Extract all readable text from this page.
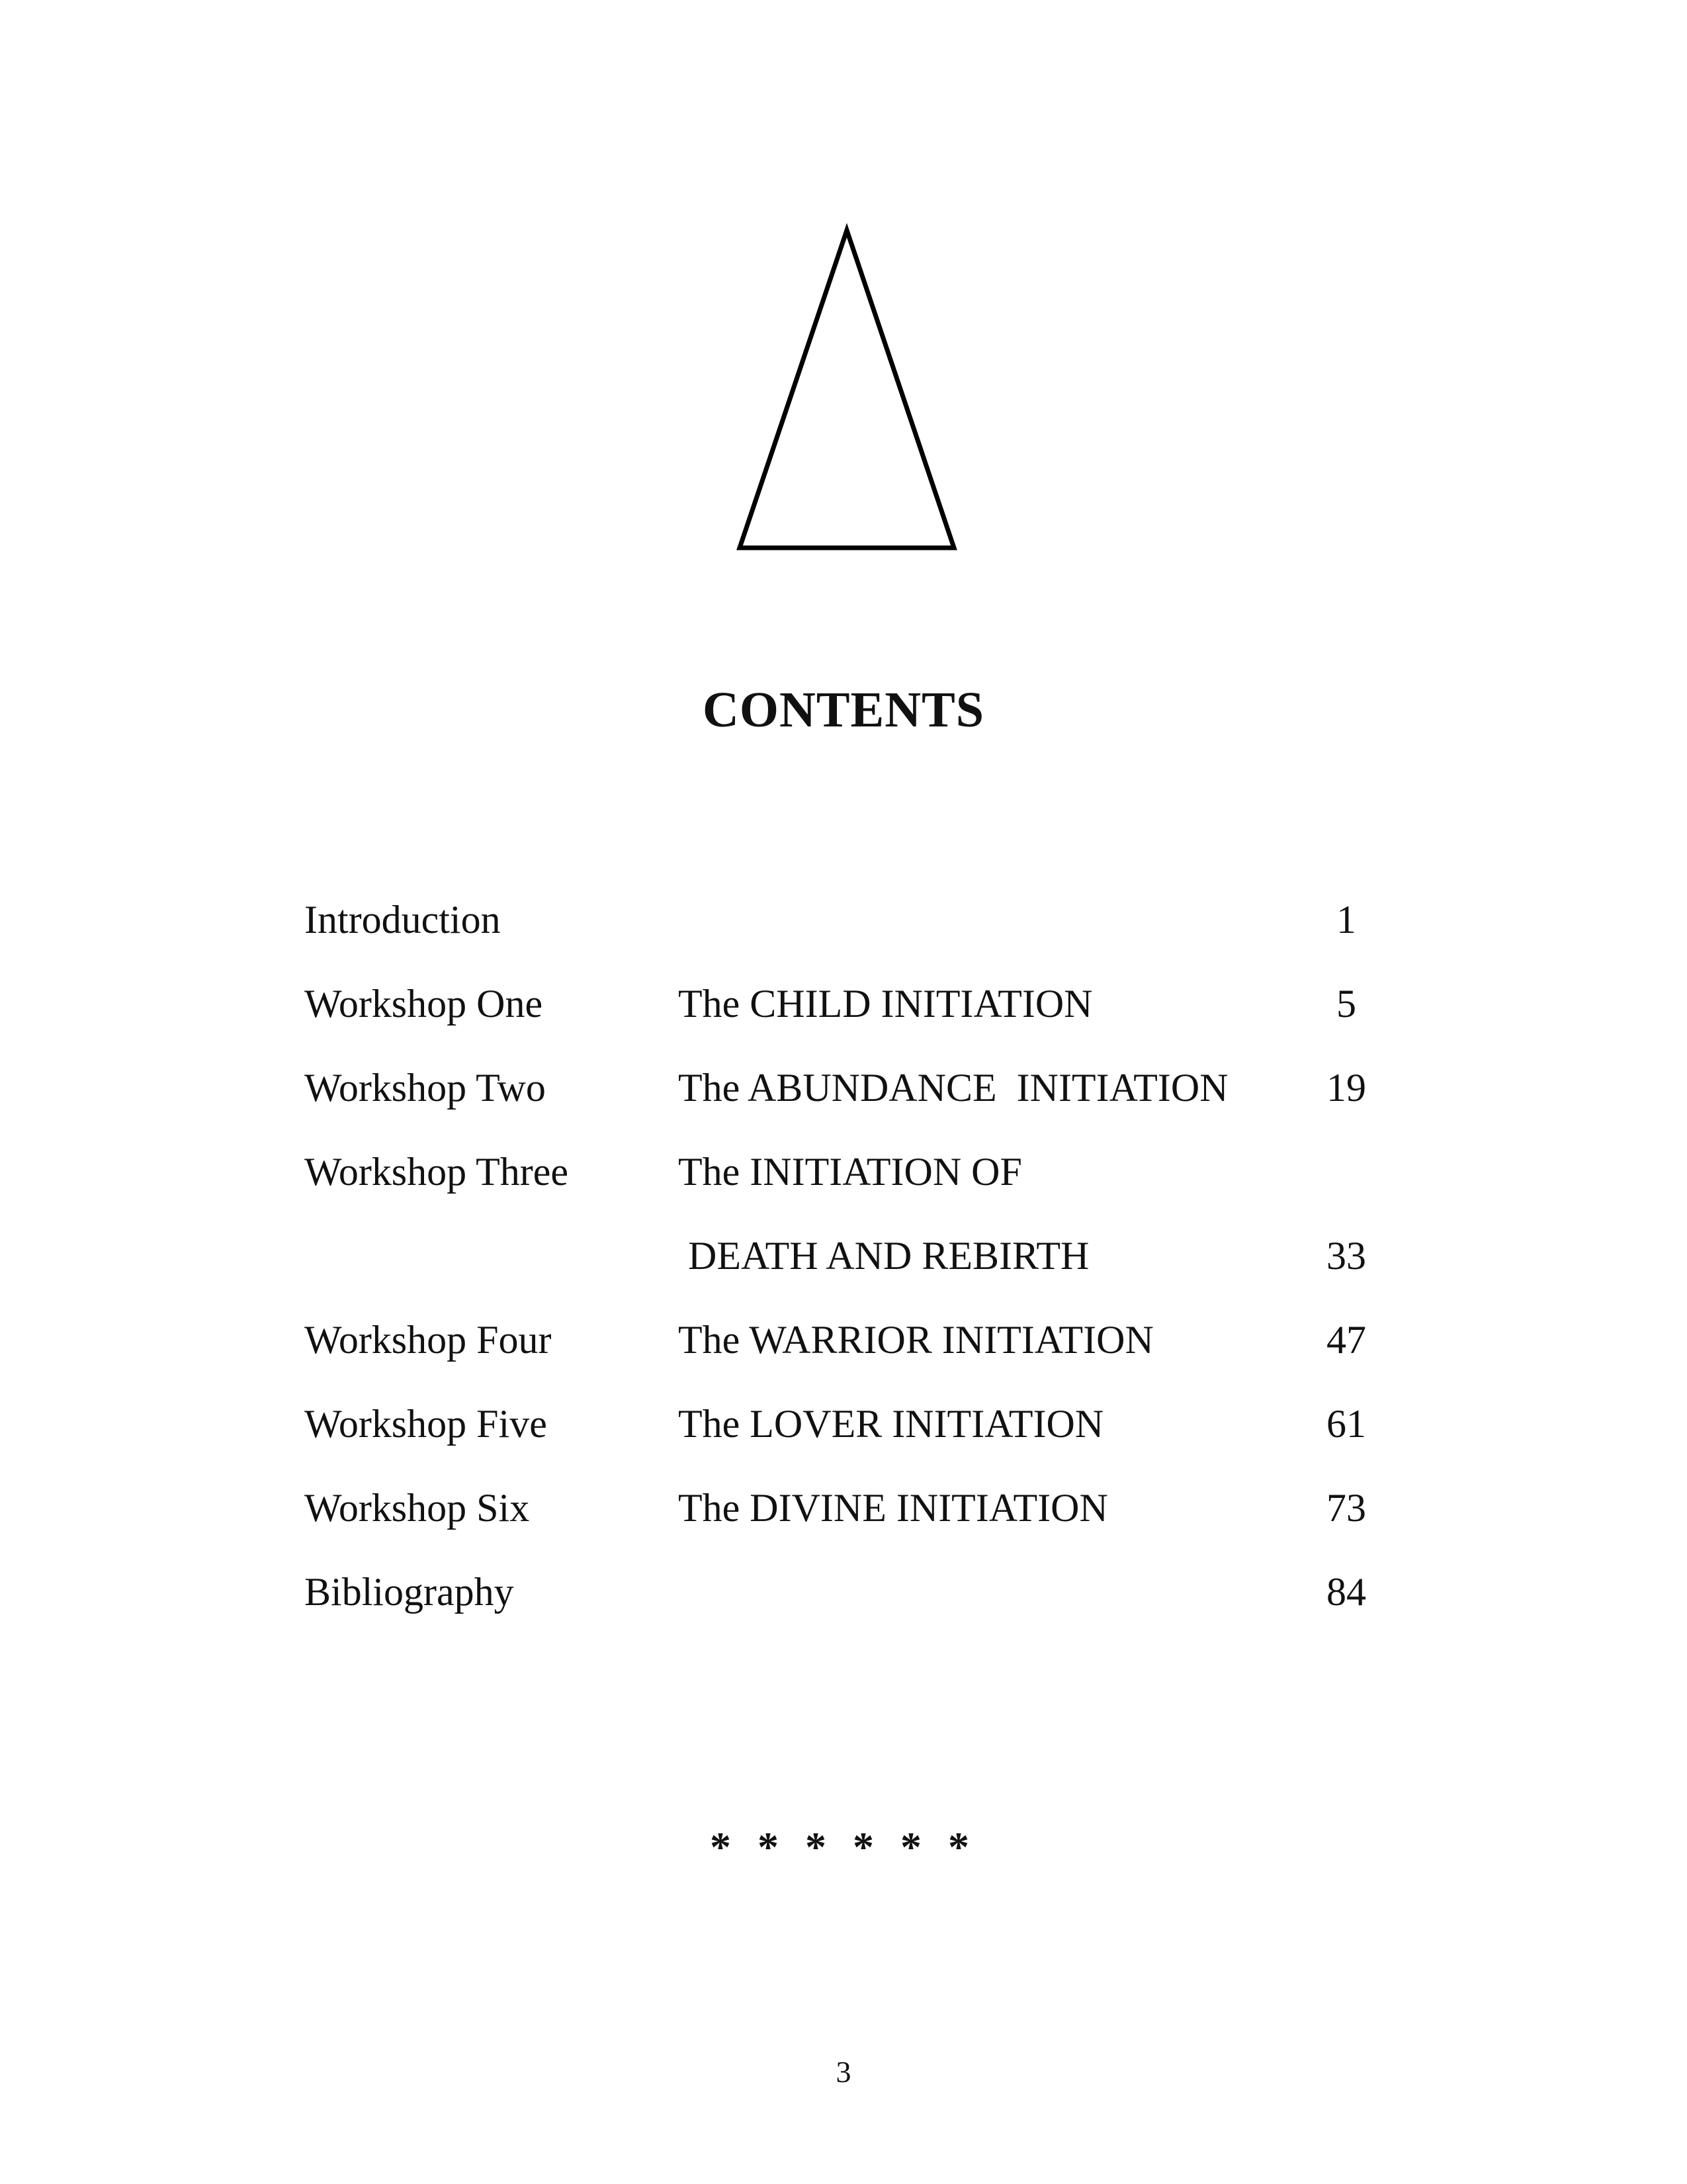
CONTENTS
Introduction	1
Workshop One	The CHILD INITIATION	5
Workshop Two	The ABUNDANCE  INITIATION	19
Workshop Three	The INITIATION OF
DEATH AND REBIRTH	33
Workshop Four	The WARRIOR INITIATION	47
Workshop Five	The LOVER INITIATION	61
Workshop Six	The DIVINE INITIATION	73
Bibliography	84
* * * * * *
3
